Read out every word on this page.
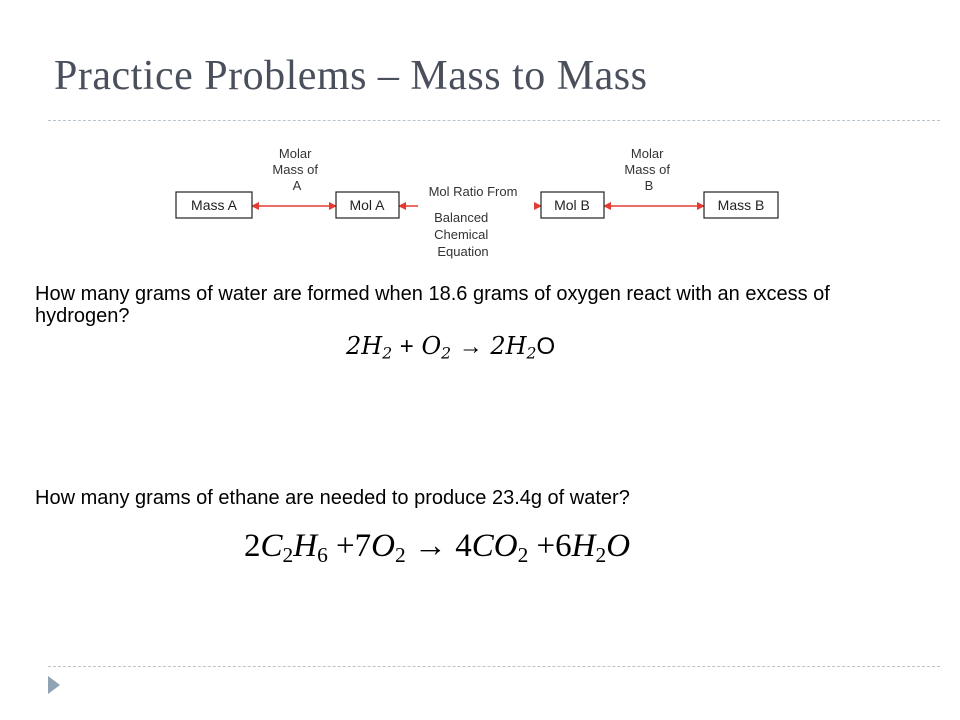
Practice Problems – Mass to Mass
Molar Mass of A	Mol Ratio From
Balanced Chemical Equation
Molar Mass of B
Mass A	Mol A	Mol B	Mass B
How many grams of water are formed when 18.6 grams of oxygen react with an excess of hydrogen?
$2H_2 + O_2 \to 2H_2O$
How many grams of ethane are needed to produce 23.4g of water?
$2C_2H_6 +7O_2 \to 4CO_2 +6H_2O$
